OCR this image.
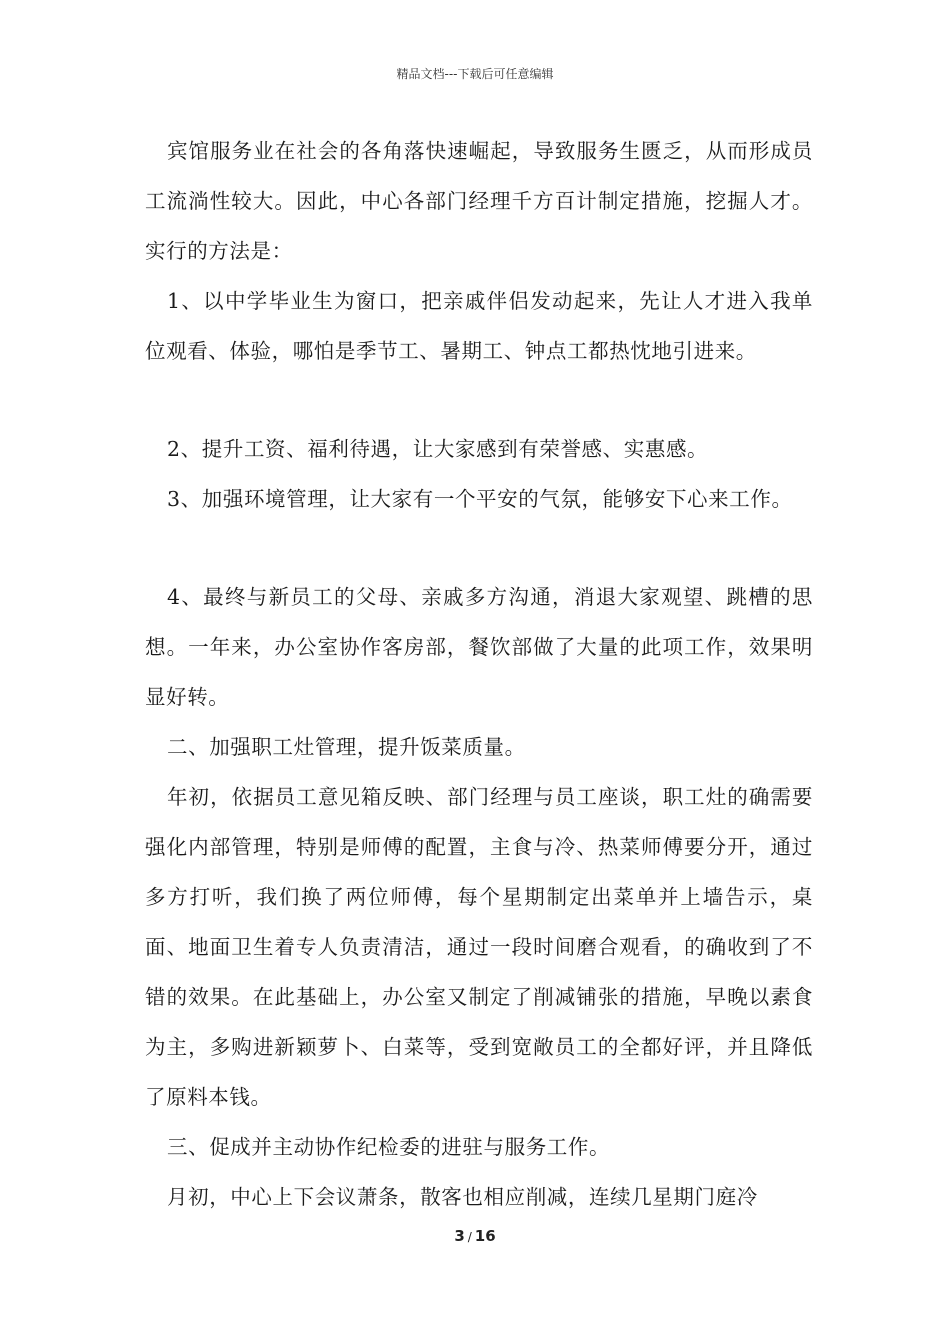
精品文档---下载后可任意编辑

宾馆服务业在社会的各角落快速崛起，导致服务生匮乏，从而形成员工流淌性较大。因此，中心各部门经理千方百计制定措施，挖掘人才。实行的方法是：

1、以中学毕业生为窗口，把亲戚伴侣发动起来，先让人才进入我单位观看、体验，哪怕是季节工、暑期工、钟点工都热忱地引进来。

2、提升工资、福利待遇，让大家感到有荣誉感、实惠感。

3、加强环境管理，让大家有一个平安的气氛，能够安下心来工作。

4、最终与新员工的父母、亲戚多方沟通，消退大家观望、跳槽的思想。一年来，办公室协作客房部，餐饮部做了大量的此项工作，效果明显好转。

二、加强职工灶管理，提升饭菜质量。

年初，依据员工意见箱反映、部门经理与员工座谈，职工灶的确需要强化内部管理，特别是师傅的配置，主食与冷、热菜师傅要分开，通过多方打听，我们换了两位师傅，每个星期制定出菜单并上墙告示，桌面、地面卫生着专人负责清洁，通过一段时间磨合观看，的确收到了不错的效果。在此基础上，办公室又制定了削减铺张的措施，早晚以素食为主，多购进新颖萝卜、白菜等，受到宽敞员工的全都好评，并且降低了原料本钱。

三、促成并主动协作纪检委的进驻与服务工作。

月初，中心上下会议萧条，散客也相应削减，连续几星期门庭冷

3 / 16
